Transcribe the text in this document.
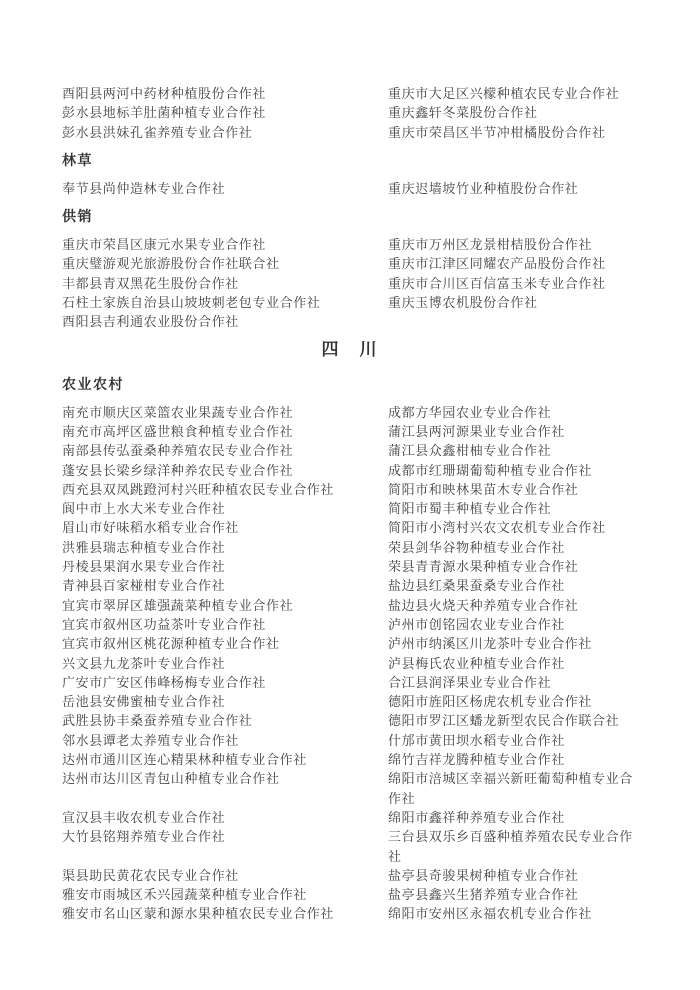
酉阳县两河中药材种植股份合作社	重庆市大足区兴檬种植农民专业合作社
彭水县地标羊肚菌种植专业合作社	重庆鑫轩冬菜股份合作社
彭水县洪妹孔雀养殖专业合作社	重庆市荣昌区半节冲柑橘股份合作社
林草
奉节县尚仲造林专业合作社	重庆迟墙坡竹业种植股份合作社
供销
重庆市荣昌区康元水果专业合作社	重庆市万州区龙景柑桔股份合作社
重庆璧游观光旅游股份合作社联合社	重庆市江津区同耀农产品股份合作社
丰都县青双黑花生股份合作社	重庆市合川区百信富玉米专业合作社
石柱土家族自治县山坡坡刺老包专业合作社	重庆玉博农机股份合作社
酉阳县吉利通农业股份合作社

四　川
农业农村
南充市顺庆区菜篮农业果蔬专业合作社	成都方华园农业专业合作社
南充市高坪区盛世粮食种植专业合作社	蒲江县两河源果业专业合作社
南部县传弘蚕桑种养殖农民专业合作社	蒲江县众鑫柑柚专业合作社
蓬安县长梁乡绿洋种养农民专业合作社	成都市红珊瑚葡萄种植专业合作社
西充县双凤跳蹬河村兴旺种植农民专业合作社	简阳市和映林果苗木专业合作社
阆中市上水大米专业合作社	简阳市蜀丰种植专业合作社
眉山市好味稻水稻专业合作社	简阳市小湾村兴农文农机专业合作社
洪雅县瑞志种植专业合作社	荣县剑华谷物种植专业合作社
丹棱县果润水果专业合作社	荣县青青源水果种植专业合作社
青神县百家椪柑专业合作社	盐边县红桑果蚕桑专业合作社
宜宾市翠屏区雄强蔬菜种植专业合作社	盐边县火烧天种养殖专业合作社
宜宾市叙州区功益茶叶专业合作社	泸州市创铭园农业专业合作社
宜宾市叙州区桃花源种植专业合作社	泸州市纳溪区川龙茶叶专业合作社
兴文县九龙茶叶专业合作社	泸县梅氏农业种植专业合作社
广安市广安区伟峰杨梅专业合作社	合江县润泽果业专业合作社
岳池县安佛蜜柚专业合作社	德阳市旌阳区杨虎农机专业合作社
武胜县协丰桑蚕养殖专业合作社	德阳市罗江区蟠龙新型农民合作联合社
邻水县谭老太养殖专业合作社	什邡市黄田坝水稻专业合作社
达州市通川区连心精果林种植专业合作社	绵竹吉祥龙腾种植专业合作社
达州市达川区青包山种植专业合作社	绵阳市涪城区幸福兴新旺葡萄种植专业合作社
宣汉县丰收农机专业合作社	绵阳市鑫祥种养殖专业合作社
大竹县铭翔养殖专业合作社	三台县双乐乡百盛种植养殖农民专业合作社
渠县助民黄花农民专业合作社	盐亭县奇骏果树种植专业合作社
雅安市雨城区禾兴园蔬菜种植专业合作社	盐亭县鑫兴生猪养殖专业合作社
雅安市名山区蒙和源水果种植农民专业合作社	绵阳市安州区永福农机专业合作社
